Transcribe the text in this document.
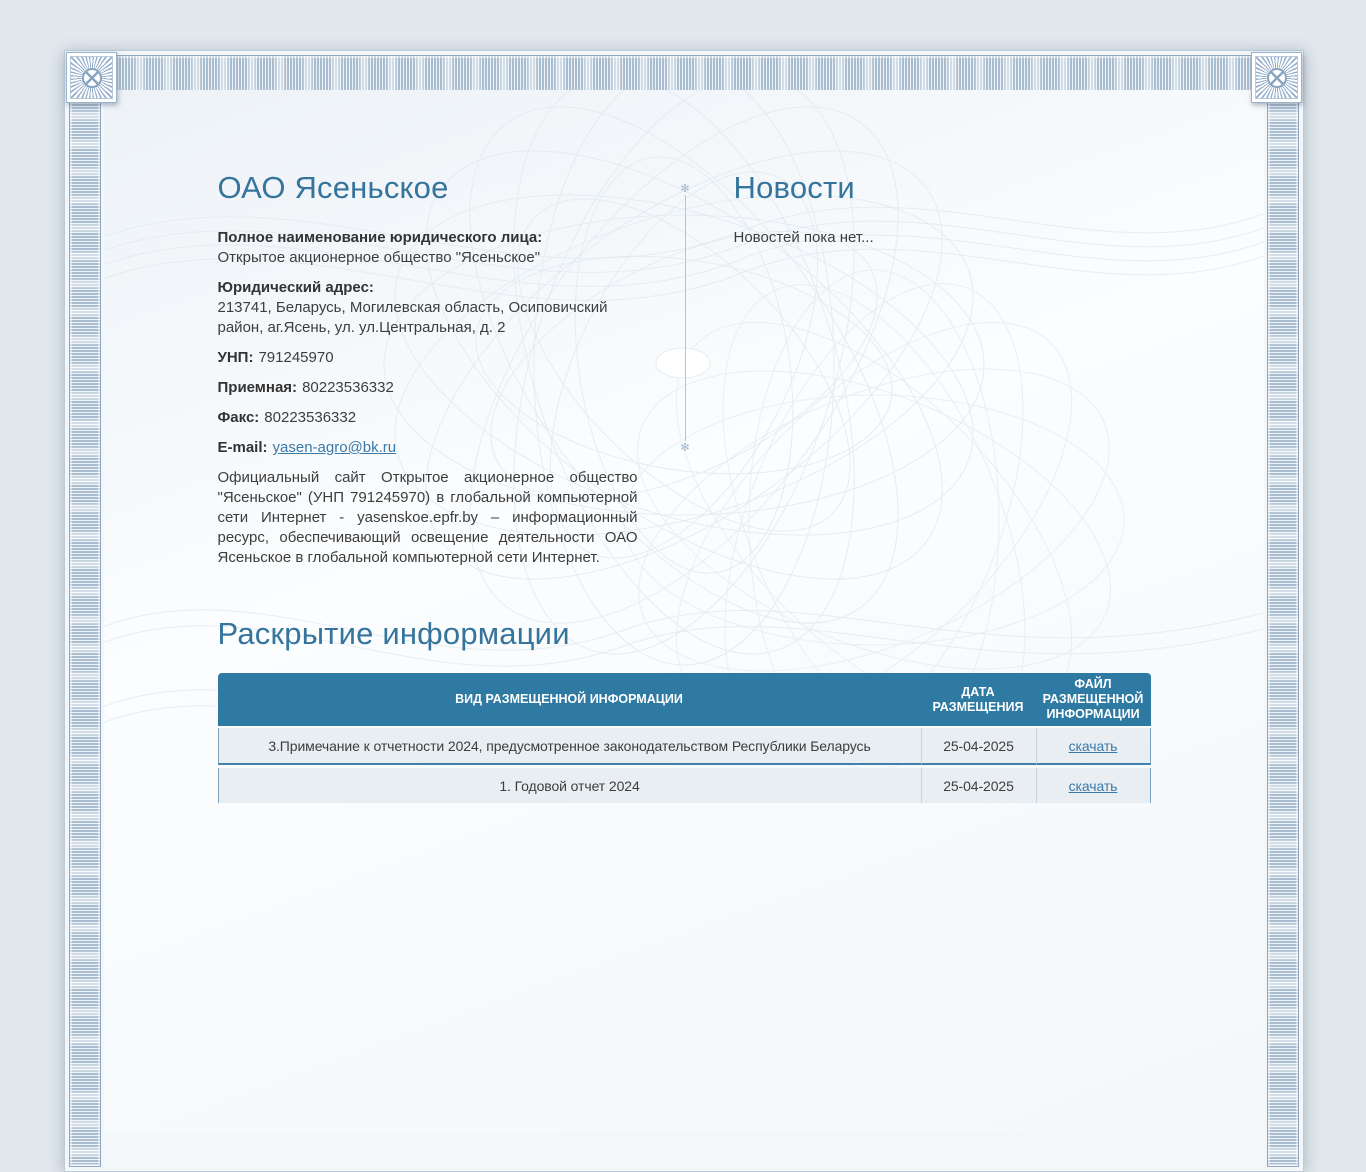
ОАО Ясеньское

Полное наименование юридического лица:
Открытое акционерное общество "Ясеньское"

Юридический адрес:
213741, Беларусь, Могилевская область, Осиповичский район, аг.Ясень, ул. ул.Центральная, д. 2

УНП: 791245970

Приемная: 80223536332

Факс: 80223536332

E-mail: yasen-agro@bk.ru

Официальный сайт Открытое акционерное общество "Ясеньское" (УНП 791245970) в глобальной компьютерной сети Интернет - yasenskoe.epfr.by – информационный ресурс, обеспечивающий освещение деятельности ОАО Ясеньское в глобальной компьютерной сети Интернет.

✻ ✻
Новости

Новостей пока нет...

Раскрытие информации
ВИД РАЗМЕЩЕННОЙ ИНФОРМАЦИИ	ДАТА РАЗМЕЩЕНИЯ	ФАЙЛ РАЗМЕЩЕННОЙ ИНФОРМАЦИИ
3.Примечание к отчетности 2024, предусмотренное законодательством Республики Беларусь	25-04-2025	скачать

1. Годовой отчет 2024	25-04-2025	скачать
